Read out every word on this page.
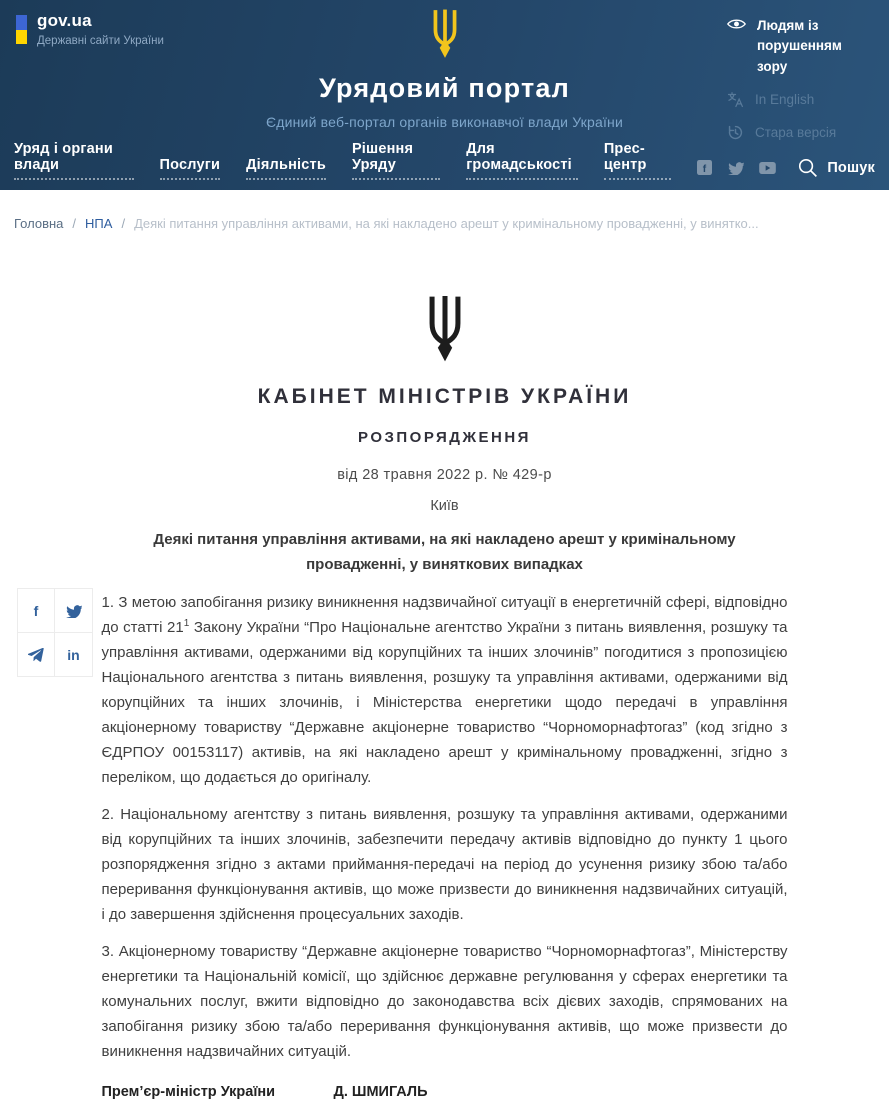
gov.ua
Державні сайти України
Урядовий портал
Єдиний веб-портал органів виконавчої влади України
Людям із порушенням зору
In English
Стара версія
Уряд і органи влади	Послуги Діяльність
Рішення Уряду
Для громадськості
Прес-центр	f	Пошук
Головна / НПА / Деякі питання управління активами, на які накладено арешт у кримінальному провадженні, у винятко...
f
in
КАБІНЕТ МІНІСТРІВ УКРАЇНИ
РОЗПОРЯДЖЕННЯ
від 28 травня 2022 р. № 429-р
Київ
Деякі питання управління активами, на які накладено арешт у кримінальному провадженні, у виняткових випадках

1. З метою запобігання ризику виникнення надзвичайної ситуації в енергетичній сфері, відповідно до статті $21^1$ Закону України “Про Національне агентство України з питань виявлення, розшуку та управління активами, одержаними від корупційних та інших злочинів” погодитися з пропозицією Національного агентства з питань виявлення, розшуку та управління активами, одержаними від корупційних та інших злочинів, і Міністерства енергетики щодо передачі в управління акціонерному товариству “Державне акціонерне товариство “Чорноморнафтогаз” (код згідно з ЄДРПОУ 00153117) активів, на які накладено арешт у кримінальному провадженні, згідно з переліком, що додається до оригіналу.

2. Національному агентству з питань виявлення, розшуку та управління активами, одержаними від корупційних та інших злочинів, забезпечити передачу активів відповідно до пункту 1 цього розпорядження згідно з актами приймання-передачі на період до усунення ризику збою та/або переривання функціонування активів, що може призвести до виникнення надзвичайних ситуацій, і до завершення здійснення процесуальних заходів.

3. Акціонерному товариству “Державне акціонерне товариство “Чорноморнафтогаз”, Міністерству енергетики та Національній комісії, що здійснює державне регулювання у сферах енергетики та комунальних послуг, вжити відповідно до законодавства всіх дієвих заходів, спрямованих на запобігання ризику збою та/або переривання функціонування активів, що може призвести до виникнення надзвичайних ситуацій.

Прем’єр-міністр України	Д. ШМИГАЛЬ
